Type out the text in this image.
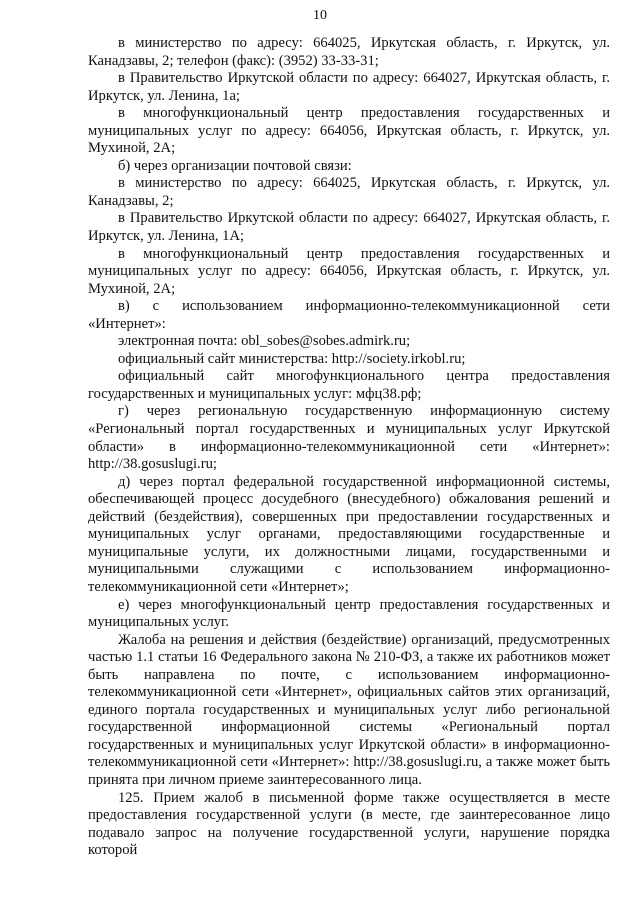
10

в министерство по адресу: 664025, Иркутская область, г. Иркутск, ул. Канадзавы, 2; телефон (факс): (3952) 33-33-31;

в Правительство Иркутской области по адресу: 664027, Иркутская область, г. Иркутск, ул. Ленина, 1а;

в многофункциональный центр предоставления государственных и муниципальных услуг по адресу: 664056, Иркутская область, г. Иркутск, ул. Мухиной, 2А;

б) через организации почтовой связи:

в министерство по адресу: 664025, Иркутская область, г. Иркутск, ул. Канадзавы, 2;

в Правительство Иркутской области по адресу: 664027, Иркутская область, г. Иркутск, ул. Ленина, 1А;

в многофункциональный центр предоставления государственных и муниципальных услуг по адресу: 664056, Иркутская область, г. Иркутск, ул. Мухиной, 2А;

в) с использованием информационно-телекоммуникационной сети «Интернет»:

электронная почта: obl_sobes@sobes.admirk.ru;

официальный сайт министерства: http://society.irkobl.ru;

официальный сайт многофункционального центра предоставления государственных и муниципальных услуг: мфц38.рф;

г) через региональную государственную информационную систему «Региональный портал государственных и муниципальных услуг Иркутской области» в информационно-телекоммуникационной сети «Интернет»: http://38.gosuslugi.ru;

д) через портал федеральной государственной информационной системы, обеспечивающей процесс досудебного (внесудебного) обжалования решений и действий (бездействия), совершенных при предоставлении государственных и муниципальных услуг органами, предоставляющими государственные и муниципальные услуги, их должностными лицами, государственными и муниципальными служащими с использованием информационно-телекоммуникационной сети «Интернет»;

е) через многофункциональный центр предоставления государственных и муниципальных услуг.

Жалоба на решения и действия (бездействие) организаций, предусмотренных частью 1.1 статьи 16 Федерального закона № 210-ФЗ, а также их работников может быть направлена по почте, с использованием информационно-телекоммуникационной сети «Интернет», официальных сайтов этих организаций, единого портала государственных и муниципальных услуг либо региональной государственной информационной системы «Региональный портал государственных и муниципальных услуг Иркутской области» в информационно-телекоммуникационной сети «Интернет»: http://38.gosuslugi.ru, а также может быть принята при личном приеме заинтересованного лица.

125. Прием жалоб в письменной форме также осуществляется в месте предоставления государственной услуги (в месте, где заинтересованное лицо подавало запрос на получение государственной услуги, нарушение порядка которой
